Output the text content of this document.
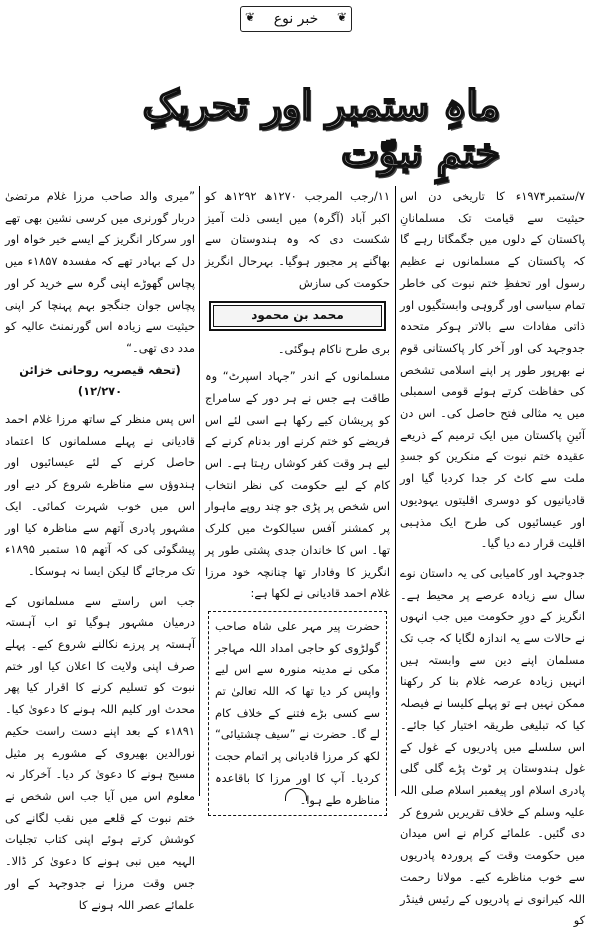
❦ خبر نوع ❦
ماہِ ستمبر اور تحریکِ ختمِ نبوّت

۷/ستمبر۱۹۷۴ء کا تاریخی دن اس حیثیت سے قیامت تک مسلمانانِ پاکستان کے دلوں میں جگمگاتا رہے گا کہ پاکستان کے مسلمانوں نے عظیم رسول اور تحفظِ ختم نبوت کی خاطر تمام سیاسی اور گروہی وابستگیوں اور ذاتی مفادات سے بالاتر ہوکر متحدہ جدوجہد کی اور آخر کار پاکستانی قوم نے بھرپور طور پر اپنے اسلامی تشخص کی حفاظت کرتے ہوئے قومی اسمبلی میں یہ مثالی فتح حاصل کی۔ اس دن آئینِ پاکستان میں ایک ترمیم کے ذریعے عقیدہ ختم نبوت کے منکرین کو جسدِ ملت سے کاٹ کر جدا کردیا گیا اور قادیانیوں کو دوسری اقلیتوں یہودیوں اور عیسائیوں کی طرح ایک مذہبی اقلیت قرار دے دیا گیا۔

جدوجہد اور کامیابی کی یہ داستان نوے سال سے زیادہ عرصے پر محیط ہے۔ انگریز کے دورِ حکومت میں جب انہوں نے حالات سے یہ اندازہ لگایا کہ جب تک مسلمان اپنے دین سے وابستہ ہیں انہیں زیادہ عرصہ غلام بنا کر رکھنا ممکن نہیں ہے تو پہلے کلیسا نے فیصلہ کیا کہ تبلیغی طریقہ اختیار کیا جائے۔ اس سلسلے میں پادریوں کے غول کے غول ہندوستان پر ٹوٹ پڑے گلی گلی پادری اسلام اور پیغمبر اسلام صلی اللہ علیہ وسلم کے خلاف تقریریں شروع کر دی گئیں۔ علمائے کرام نے اس میدان میں حکومت وقت کے پروردہ پادریوں سے خوب مناظرے کیے۔ مولانا رحمت اللہ کیرانوی نے پادریوں کے رئیس فینڈر کو

۱۱/رجب المرجب ۱۲۷۰ھ ۱۲۹۲ھ کو اکبر آباد (آگرہ) میں ایسی ذلت آمیز شکست دی کہ وہ ہندوستان سے بھاگنے پر مجبور ہوگیا۔ بہرحال انگریز حکومت کی سازش

محمد بن محمود

بری طرح ناکام ہوگئی۔

مسلمانوں کے اندر ”جہاد اسپرٹ“ وہ طاقت ہے جس نے ہر دور کے سامراج کو پریشان کیے رکھا ہے اسی لئے اس فریضے کو ختم کرنے اور بدنام کرنے کے لیے ہر وقت کفر کوشاں رہتا ہے۔ اس کام کے لیے حکومت کی نظر انتخاب اس شخص پر پڑی جو چند روپے ماہوار پر کمشنر آفس سیالکوٹ میں کلرک تھا۔ اس کا خاندان جدی پشتی طور پر انگریز کا وفادار تھا چنانچہ خود مرزا غلام احمد قادیانی نے لکھا ہے:

حضرت پیر مہر علی شاہ صاحب گولڑوی کو حاجی امداد اللہ مہاجر مکی نے مدینہ منورہ سے اس لیے واپس کر دیا تھا کہ اللہ تعالیٰ تم سے کسی بڑے فتنے کے خلاف کام لے گا۔ حضرت نے ”سیف چشتیائی“ لکھ کر مرزا قادیانی پر اتمام حجت کردیا۔ آپ کا اور مرزا کا باقاعدہ مناظرہ طے ہوا۔

”میری والد صاحب مرزا غلام مرتضیٰ دربار گورنری میں کرسی نشین بھی تھے اور سرکار انگریز کے ایسے خیر خواہ اور دل کے بہادر تھے کہ مفسدہ ۱۸۵۷ء میں پچاس گھوڑے اپنی گرہ سے خرید کر اور پچاس جوان جنگجو بہم پہنچا کر اپنی حیثیت سے زیادہ اس گورنمنٹ عالیہ کو مدد دی تھی۔“

(تحفہ قیصریہ روحانی خزائن ۱۲/۲۷۰)

اس پس منظر کے ساتھ مرزا غلام احمد قادیانی نے پہلے مسلمانوں کا اعتماد حاصل کرنے کے لئے عیسائیوں اور ہندوؤں سے مناظرے شروع کر دیے اور اس میں خوب شہرت کمائی۔ ایک مشہور پادری آتھم سے مناظرہ کیا اور پیشگوئی کی کہ آتھم ۱۵ ستمبر ۱۸۹۵ء تک مرجائے گا لیکن ایسا نہ ہوسکا۔

جب اس راستے سے مسلمانوں کے درمیان مشہور ہوگیا تو اب آہستہ آہستہ پر پرزے نکالنے شروع کیے۔ پہلے صرف اپنی ولایت کا اعلان کیا اور ختم نبوت کو تسلیم کرنے کا اقرار کیا پھر محدث اور کلیم اللہ ہونے کا دعویٰ کیا۔ ۱۸۹۱ء کے بعد اپنے دست راست حکیم نورالدین بھیروی کے مشورے پر مثیل مسیح ہونے کا دعویٰ کر دیا۔ آخرکار نہ معلوم اس میں آیا جب اس شخص نے ختم نبوت کے قلعے میں نقب لگانے کی کوشش کرتے ہوئے اپنی کتاب تجلیات الہیہ میں نبی ہونے کا دعویٰ کر ڈالا۔ جس وقت مرزا نے جدوجہد کے اور علمائے عصر اللہ ہونے کا
